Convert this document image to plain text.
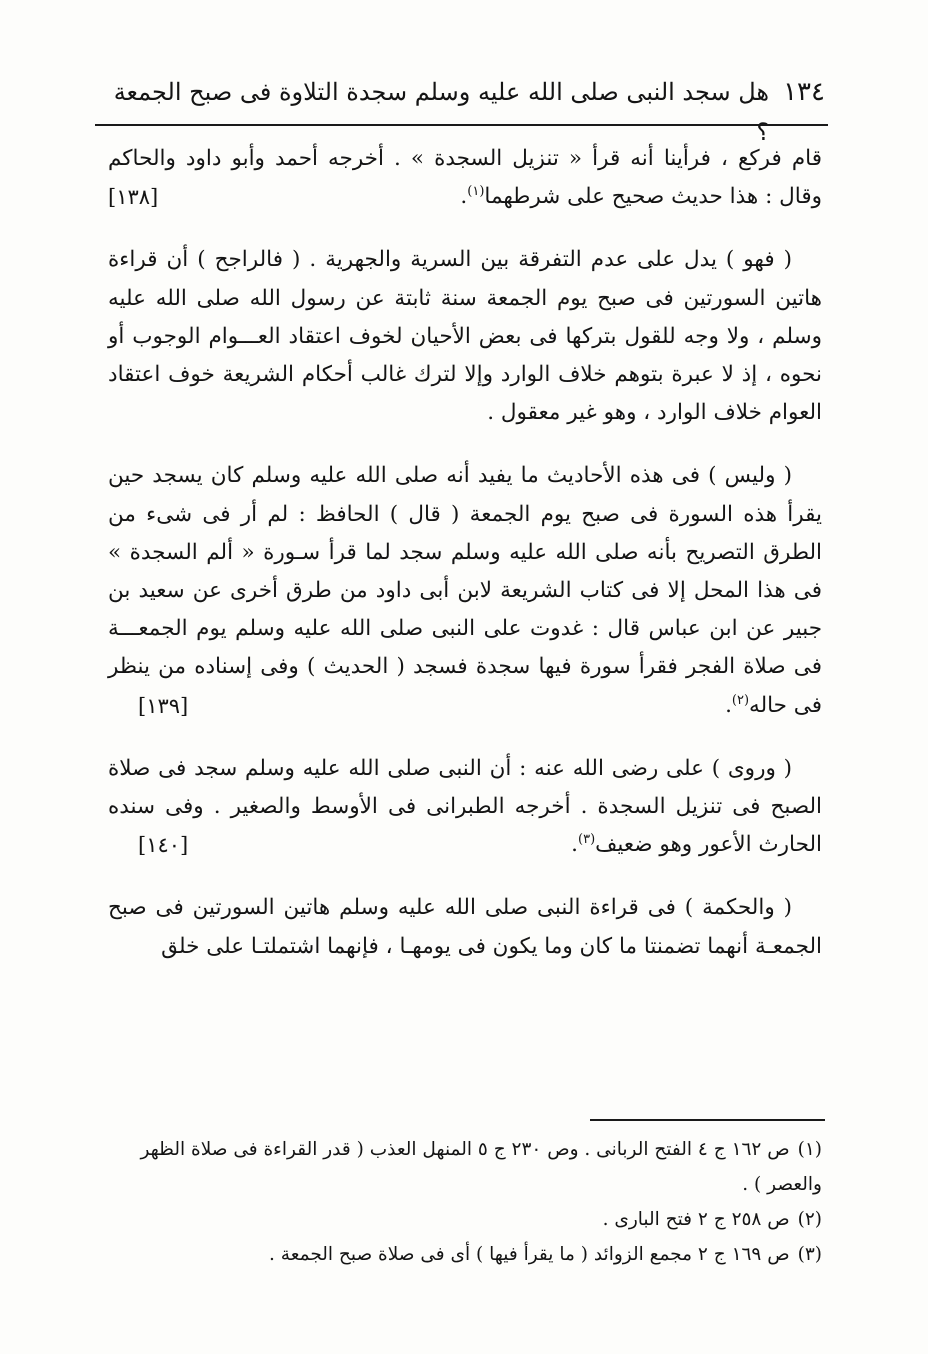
١٣٤
هل سجد النبى صلى الله عليه وسلم سجدة التلاوة فى صبح الجمعة ؟

قام فركع ، فرأينا أنه قرأ « تنزيل السجدة » . أخرجه أحمد وأبو داود والحاكم وقال : هذا حديث صحيح على شرطهما$^{(١)}$.
[١٣٨]

( فهو ) يدل على عدم التفرقة بين السرية والجهرية . ( فالراجح ) أن قراءة هاتين السورتين فى صبح يوم الجمعة سنة ثابتة عن رسول الله صلى الله عليه وسلم ، ولا وجه للقول بتركها فى بعض الأحيان لخوف اعتقاد العـــوام الوجوب أو نحوه ، إذ لا عبرة بتوهم خلاف الوارد وإلا لترك غالب أحكام الشريعة خوف اعتقاد العوام خلاف الوارد ، وهو غير معقول .

( وليس ) فى هذه الأحاديث ما يفيد أنه صلى الله عليه وسلم كان يسجد حين يقرأ هذه السورة فى صبح يوم الجمعة ( قال ) الحافظ : لم أر فى شىء من الطرق التصريح بأنه صلى الله عليه وسلم سجد لما قرأ سـورة « ألم السجدة » فى هذا المحل إلا فى كتاب الشريعة لابن أبى داود من طرق أخرى عن سعيد بن جبير عن ابن عباس قال : غدوت على النبى صلى الله عليه وسلم يوم الجمعـــة فى صلاة الفجر فقرأ سورة فيها سجدة فسجد ( الحديث ) وفى إسناده من ينظر فى حاله$^{(٢)}$.
[١٣٩]

( وروى ) على رضى الله عنه : أن النبى صلى الله عليه وسلم سجد فى صلاة الصبح فى تنزيل السجدة . أخرجه الطبرانى فى الأوسط والصغير . وفى سنده الحارث الأعور وهو ضعيف$^{(٣)}$.
[١٤٠]

( والحكمة ) فى قراءة النبى صلى الله عليه وسلم هاتين السورتين فى صبح الجمعـة أنهما تضمنتا ما كان وما يكون فى يومهـا ، فإنهما اشتملتـا على خلق

(١)ص ١٦٢ ج ٤ الفتح الربانى . وص ٢٣٠ ج ٥ المنهل العذب ( قدر القراءة فى صلاة الظهر والعصر ) .

(٢)ص ٢٥٨ ج ٢ فتح البارى .

(٣)ص ١٦٩ ج ٢ مجمع الزوائد ( ما يقرأ فيها ) أى فى صلاة صبح الجمعة .
